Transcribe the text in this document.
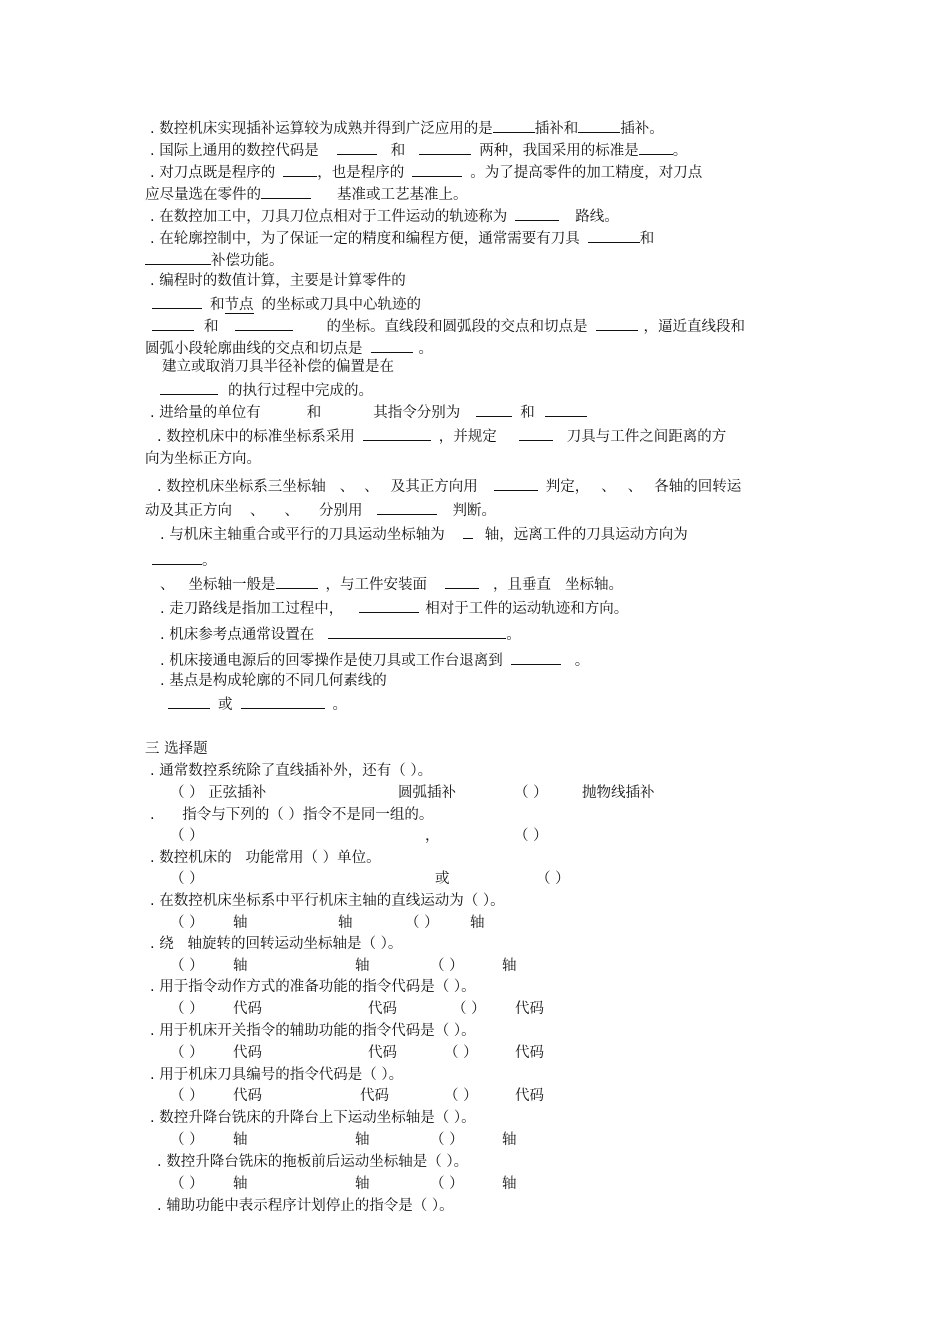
. 数控机床实现插补运算较为成熟并得到广泛应用的是	插补和	插补。
. 国际上通用的数控代码是	和	两种，我国采用的标准是 。
. 对刀点既是程序的	，也是程序的	。为了提高零件的加工精度，对刀点
应尽量选在零件的	基准或工艺基准上。
. 在数控加工中，刀具刀位点相对于工件运动的轨迹称为	路线。
. 在轮廓控制中，为了保证一定的精度和编程方便，通常需要有刀具	和
补偿功能。
. 编程时的数值计算，主要是计算零件的
和节点 的坐标或刀具中心轨迹的
和	的坐标。直线段和圆弧段的交点和切点是	，逼近直线段和
圆弧小段轮廓曲线的交点和切点是	。
建立或取消刀具半径补偿的偏置是在
的执行过程中完成的。
. 进给量的单位有	和	其指令分别为	和
. 数控机床中的标准坐标系采用	，并规定	刀具与工件之间距离的方
向为坐标正方向。
. 数控机床坐标系三坐标轴 、 、 及其正方向用	判定， 、 、 各轴的回转运
动及其正方向 、 、 分别用	判断。
. 与机床主轴重合或平行的刀具运动坐标轴为	轴，远离工件的刀具运动方向为
。
、 坐标轴一般是	，与工件安装面	，且垂直 坐标轴。
. 走刀路线是指加工过程中，	相对于工件的运动轨迹和方向。
. 机床参考点通常设置在	。
. 机床接通电源后的回零操作是使刀具或工作台退离到	。
. 基点是构成轮廓的不同几何素线的
或	。
三 选择题
. 通常数控系统除了直线插补外，还有（ ）。
（ ） 正弦插补	圆弧插补	（ ） 抛物线插补
.      指令与下列的（ ）指令不是同一组的。
（ ）	，	（ ）
. 数控机床的   功能常用（ ）单位。
（ ）	或	（ ）
. 在数控机床坐标系中平行机床主轴的直线运动为（ ）。
（ ） 轴	轴	（ ） 轴
. 绕   轴旋转的回转运动坐标轴是（ ）。
（ ） 轴	轴	（ ）	轴
. 用于指令动作方式的准备功能的指令代码是（ ）。
（ ） 代码	代码	（ ） 代码
. 用于机床开关指令的辅助功能的指令代码是（ ）。
（ ） 代码	代码	（ ）	代码
. 用于机床刀具编号的指令代码是（ ）。
（ ） 代码	代码	（ ）	代码
. 数控升降台铣床的升降台上下运动坐标轴是（ ）。
（ ） 轴	轴	（ ）	轴
. 数控升降台铣床的拖板前后运动坐标轴是（ ）。
（ ） 轴	轴	（ ）	轴
. 辅助功能中表示程序计划停止的指令是（ ）。
